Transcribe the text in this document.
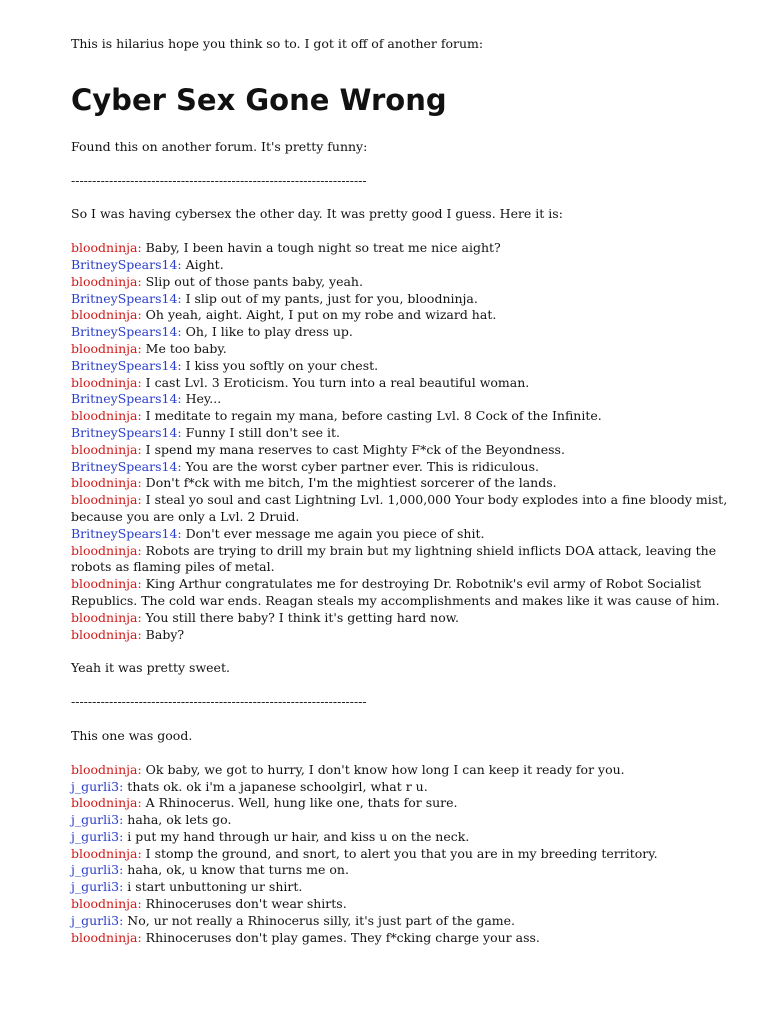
This is hilarius hope you think so to. I got it off of another forum:

Cyber Sex Gone Wrong

Found this on another forum. It's pretty funny:

----------------------------------------------------------------------

So I was having cybersex the other day. It was pretty good I guess. Here it is:

bloodninja: Baby, I been havin a tough night so treat me nice aight?

BritneySpears14: Aight.

bloodninja: Slip out of those pants baby, yeah.

BritneySpears14: I slip out of my pants, just for you, bloodninja.

bloodninja: Oh yeah, aight. Aight, I put on my robe and wizard hat.

BritneySpears14: Oh, I like to play dress up.

bloodninja: Me too baby.

BritneySpears14: I kiss you softly on your chest.

bloodninja: I cast Lvl. 3 Eroticism. You turn into a real beautiful woman.

BritneySpears14: Hey...

bloodninja: I meditate to regain my mana, before casting Lvl. 8 Cock of the Infinite.

BritneySpears14: Funny I still don't see it.

bloodninja: I spend my mana reserves to cast Mighty F*ck of the Beyondness.

BritneySpears14: You are the worst cyber partner ever. This is ridiculous.

bloodninja: Don't f*ck with me bitch, I'm the mightiest sorcerer of the lands.

bloodninja: I steal yo soul and cast Lightning Lvl. 1,000,000 Your body explodes into a fine bloody mist, because you are only a Lvl. 2 Druid.

BritneySpears14: Don't ever message me again you piece of shit.

bloodninja: Robots are trying to drill my brain but my lightning shield inflicts DOA attack, leaving the robots as flaming piles of metal.

bloodninja: King Arthur congratulates me for destroying Dr. Robotnik's evil army of Robot Socialist Republics. The cold war ends. Reagan steals my accomplishments and makes like it was cause of him.

bloodninja: You still there baby? I think it's getting hard now.

bloodninja: Baby?

Yeah it was pretty sweet.

----------------------------------------------------------------------

This one was good.

bloodninja: Ok baby, we got to hurry, I don't know how long I can keep it ready for you.

j_gurli3: thats ok. ok i'm a japanese schoolgirl, what r u.

bloodninja: A Rhinocerus. Well, hung like one, thats for sure.

j_gurli3: haha, ok lets go.

j_gurli3: i put my hand through ur hair, and kiss u on the neck.

bloodninja: I stomp the ground, and snort, to alert you that you are in my breeding territory.

j_gurli3: haha, ok, u know that turns me on.

j_gurli3: i start unbuttoning ur shirt.

bloodninja: Rhinoceruses don't wear shirts.

j_gurli3: No, ur not really a Rhinocerus silly, it's just part of the game.

bloodninja: Rhinoceruses don't play games. They f*cking charge your ass.
